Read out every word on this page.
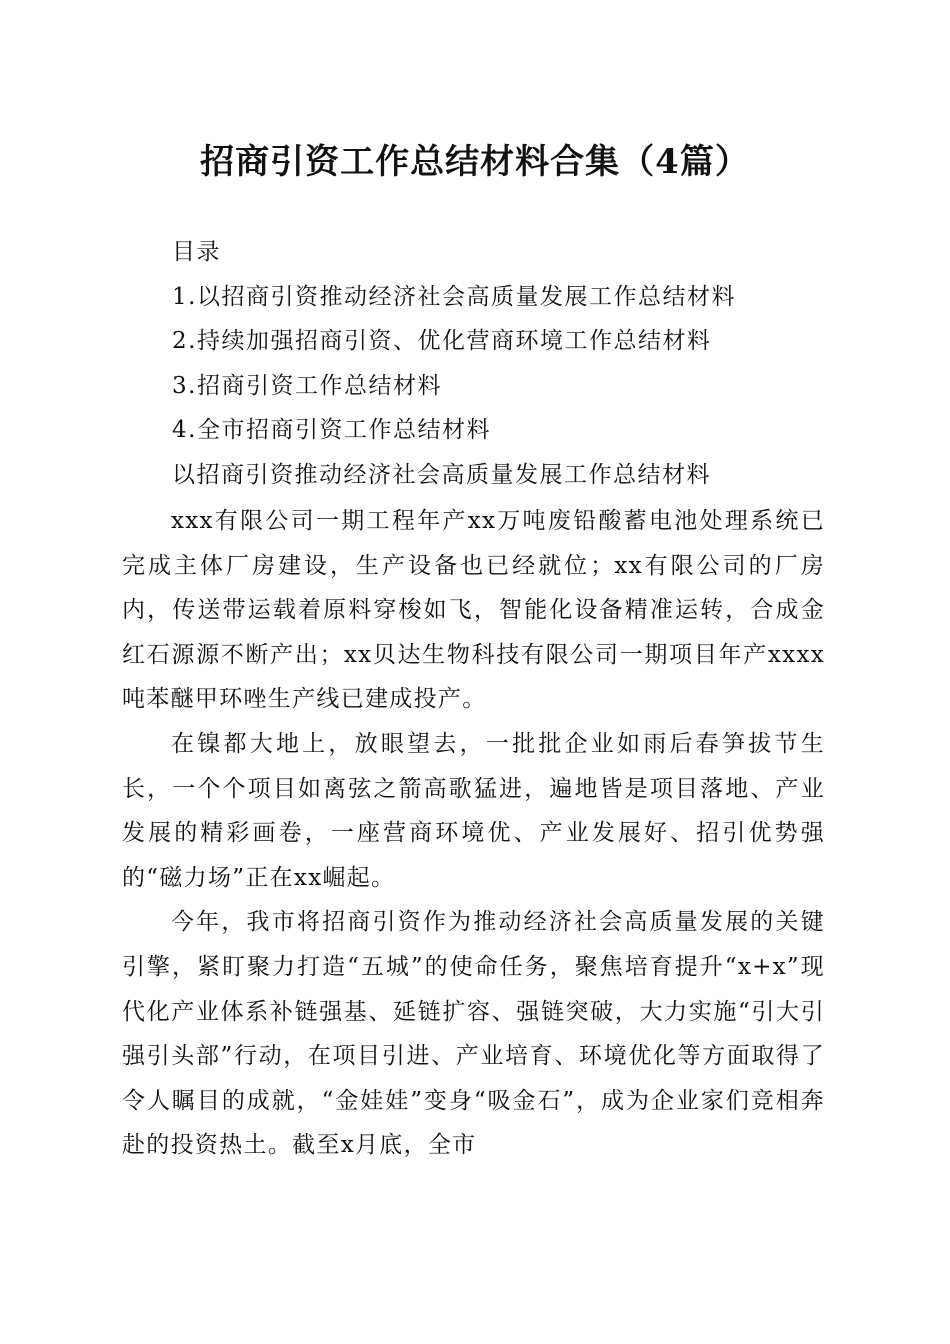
招商引资工作总结材料合集（4篇）
目录
1.以招商引资推动经济社会高质量发展工作总结材料
2.持续加强招商引资、优化营商环境工作总结材料
3.招商引资工作总结材料
4.全市招商引资工作总结材料
以招商引资推动经济社会高质量发展工作总结材料

xxx有限公司一期工程年产xx万吨废铅酸蓄电池处理系统已完成主体厂房建设，生产设备也已经就位；xx有限公司的厂房内，传送带运载着原料穿梭如飞，智能化设备精准运转，合成金红石源源不断产出；xx贝达生物科技有限公司一期项目年产xxxx吨苯醚甲环唑生产线已建成投产。

在镍都大地上，放眼望去，一批批企业如雨后春笋拔节生长，一个个项目如离弦之箭高歌猛进，遍地皆是项目落地、产业发展的精彩画卷，一座营商环境优、产业发展好、招引优势强的“磁力场”正在xx崛起。

今年，我市将招商引资作为推动经济社会高质量发展的关键引擎，紧盯聚力打造“五城”的使命任务，聚焦培育提升“x+x”现代化产业体系补链强基、延链扩容、强链突破，大力实施“引大引强引头部”行动，在项目引进、产业培育、环境优化等方面取得了令人瞩目的成就，“金娃娃”变身“吸金石”，成为企业家们竞相奔赴的投资热土。截至x月底，全市
